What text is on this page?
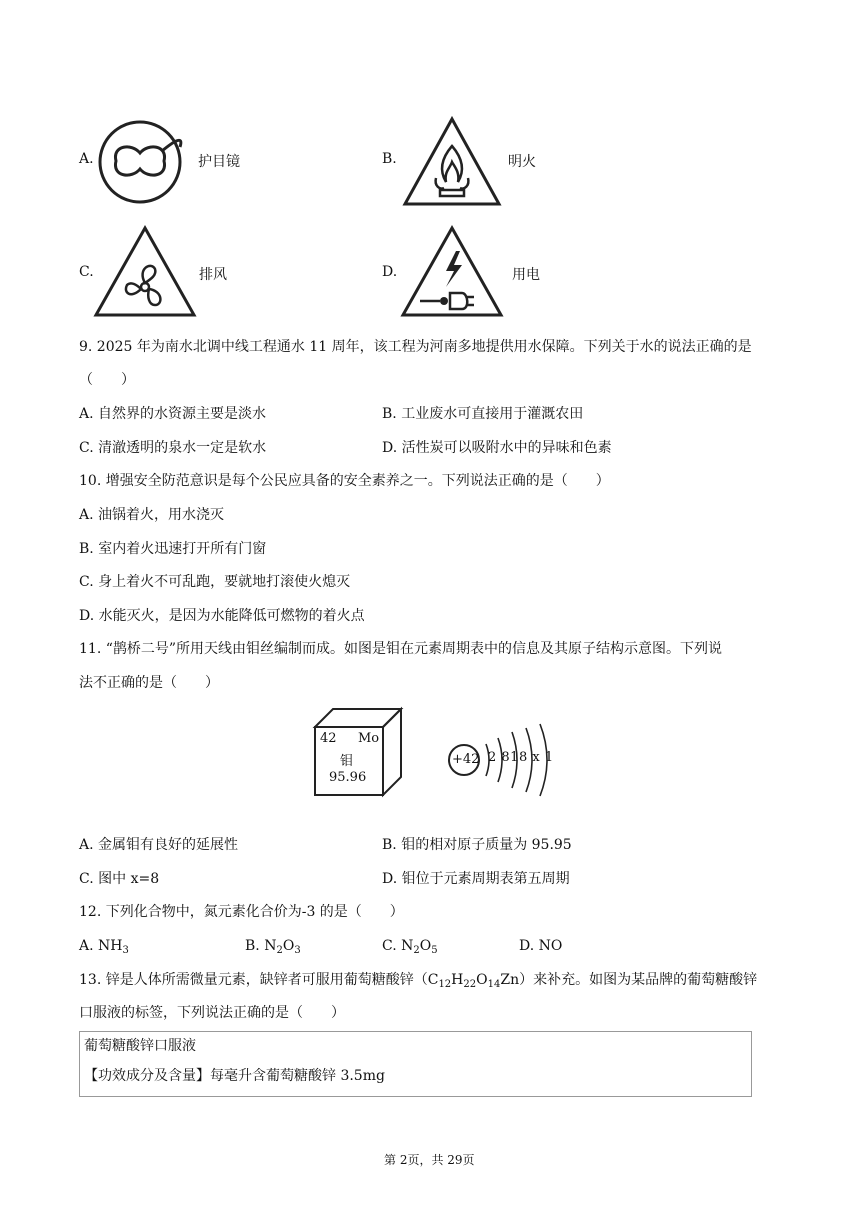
A.	护目镜	B.	明火
C.	排风	D.	用电
9. 2025 年为南水北调中线工程通水 11 周年，该工程为河南多地提供用水保障。下列关于水的说法正确的是
（　　）
A. 自然界的水资源主要是淡水	B. 工业废水可直接用于灌溉农田
C. 清澈透明的泉水一定是软水	D. 活性炭可以吸附水中的异味和色素
10. 增强安全防范意识是每个公民应具备的安全素养之一。下列说法正确的是（　　）
A. 油锅着火，用水浇灭
B. 室内着火迅速打开所有门窗
C. 身上着火不可乱跑，要就地打滚使火熄灭
D. 水能灭火，是因为水能降低可燃物的着火点
11. “鹊桥二号”所用天线由钼丝编制而成。如图是钼在元素周期表中的信息及其原子结构示意图。下列说
法不正确的是（　　）
42 Mo
钼
95.96
+42 2 818 x 1
A. 金属钼有良好的延展性	B. 钼的相对原子质量为 95.95
C. 图中 x=8	D. 钼位于元素周期表第五周期
12. 下列化合物中，氮元素化合价为-3 的是（　　）
A. $NH_3$	B. $N_2O_3$	C. $N_2O_5$	D. NO
13. 锌是人体所需微量元素，缺锌者可服用葡萄糖酸锌$(C_{12}H_{22}O_{14}Zn)$来补充。如图为某品牌的葡萄糖酸锌
口服液的标签，下列说法正确的是（　　）
葡萄糖酸锌口服液
【功效成分及含量】每毫升含葡萄糖酸锌 3.5mg
第 2页，共 29页
